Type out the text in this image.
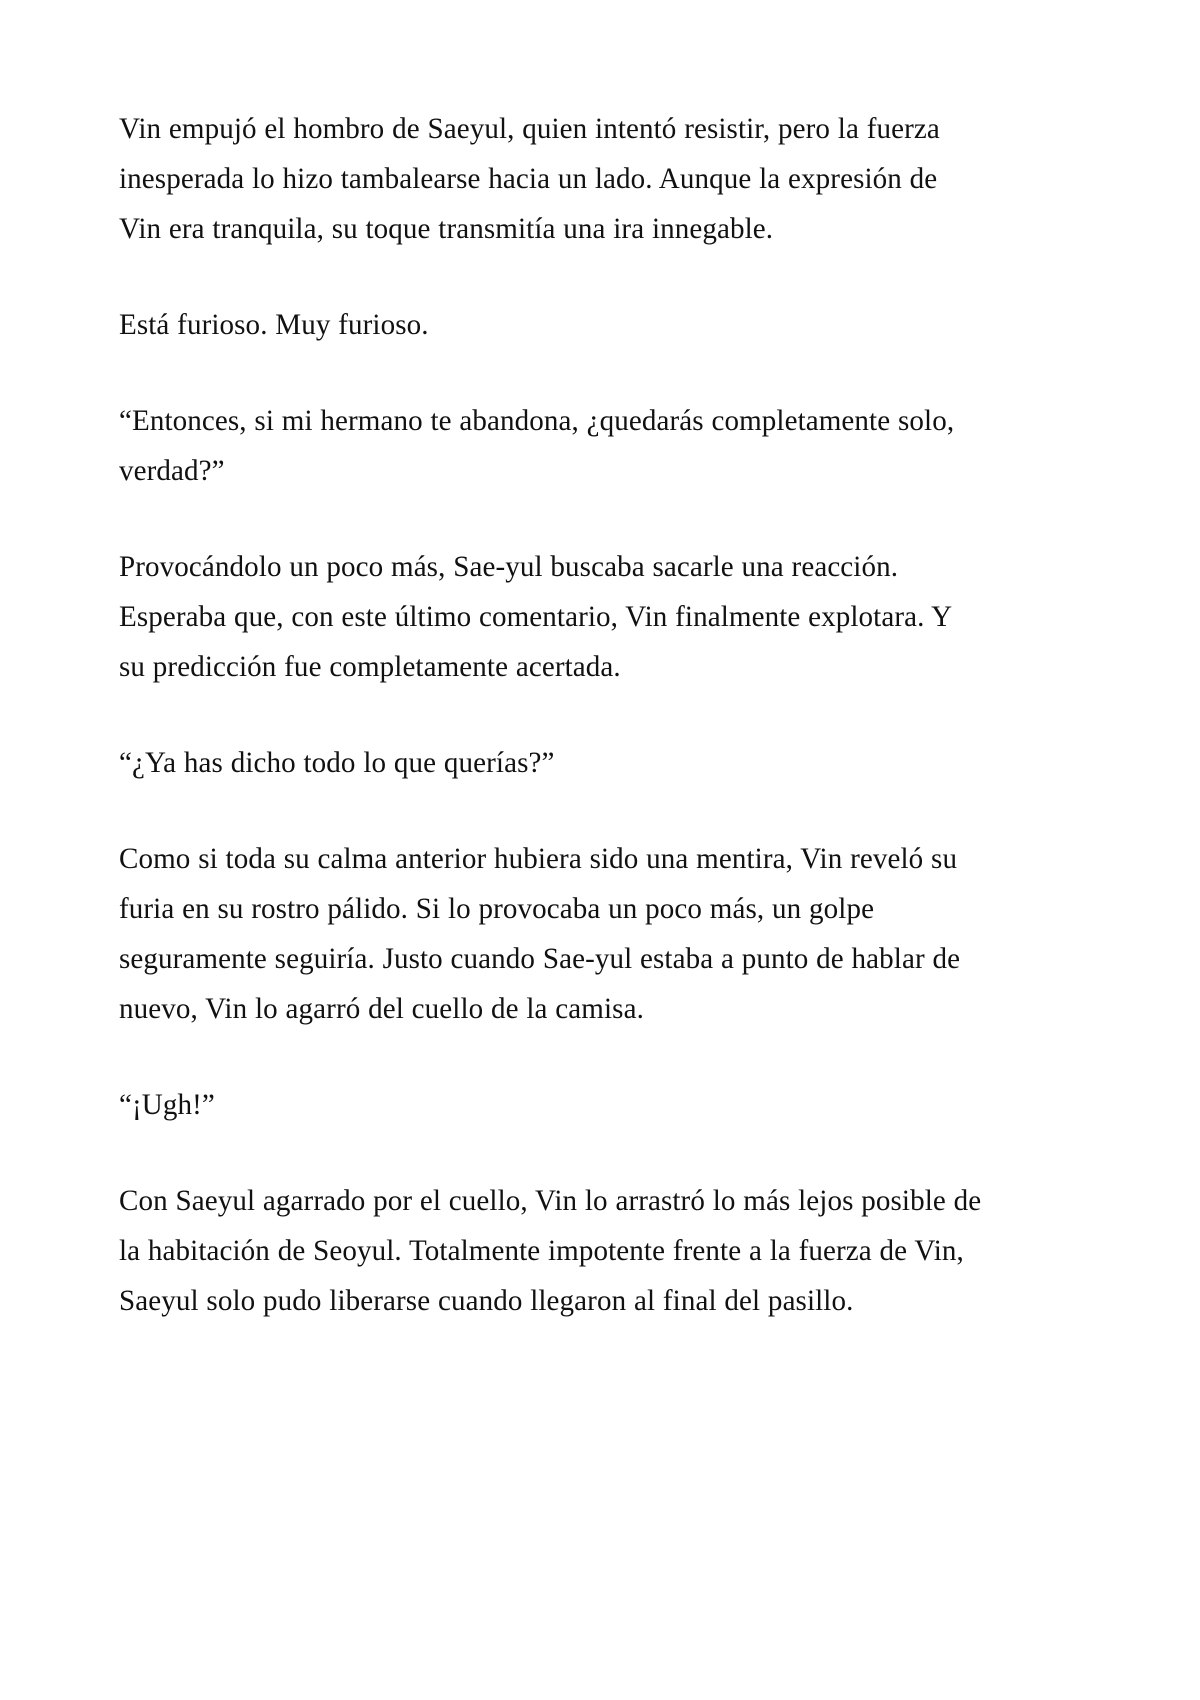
Vin empujó el hombro de Saeyul, quien intentó resistir, pero la fuerza inesperada lo hizo tambalearse hacia un lado. Aunque la expresión de Vin era tranquila, su toque transmitía una ira innegable.

Está furioso. Muy furioso.

“Entonces, si mi hermano te abandona, ¿quedarás completamente solo, verdad?”

Provocándolo un poco más, Sae-yul buscaba sacarle una reacción. Esperaba que, con este último comentario, Vin finalmente explotara. Y su predicción fue completamente acertada.

“¿Ya has dicho todo lo que querías?”

Como si toda su calma anterior hubiera sido una mentira, Vin reveló su furia en su rostro pálido. Si lo provocaba un poco más, un golpe seguramente seguiría. Justo cuando Sae-yul estaba a punto de hablar de nuevo, Vin lo agarró del cuello de la camisa.

“¡Ugh!”

Con Saeyul agarrado por el cuello, Vin lo arrastró lo más lejos posible de la habitación de Seoyul. Totalmente impotente frente a la fuerza de Vin, Saeyul solo pudo liberarse cuando llegaron al final del pasillo.
